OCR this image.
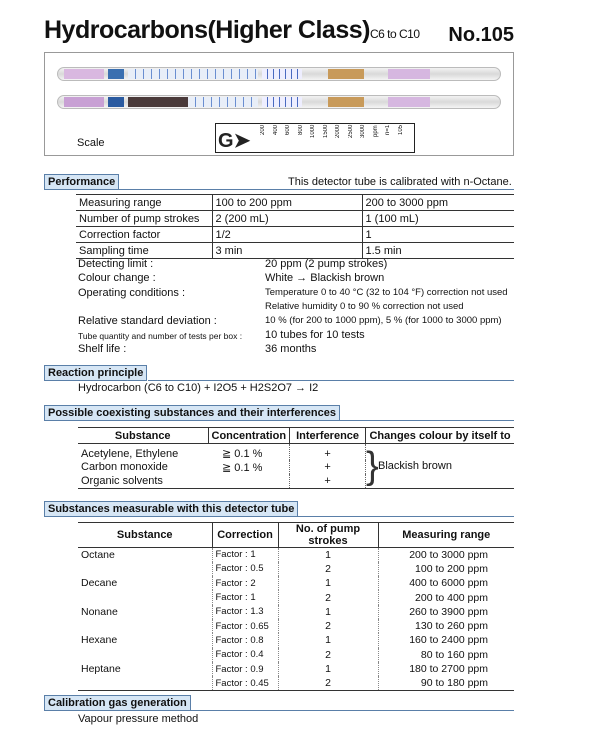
Hydrocarbons(Higher Class)C6 to C10 No.105
Scale	G➤ 200	400	600	800	1000	1500	2000	2500	3000	ppm	n=1	105
Performance	This detector tube is calibrated with n-Octane.
Measuring range	100 to 200 ppm	200 to 3000 ppm
Number of pump strokes	2 (200 mL)	1 (100 mL)
Correction factor	1/2	1
Sampling time	3 min	1.5 min
Detecting limit :	20 ppm (2 pump strokes)
Colour change :	White → Blackish brown
Operating conditions :	Temperature 0 to 40 °C (32 to 104 °F) correction not used
Relative humidity 0 to 90 % correction not used
Relative standard deviation :	10 % (for 200 to 1000 ppm), 5 % (for 1000 to 3000 ppm)
Tube quantity and number of tests per box : 10 tubes for 10 tests
Shelf life :	36 months
Reaction principle
Hydrocarbon (C6 to C10) + I2O5 + H2S2O7 → I2
Possible coexisting substances and their interferences
Substance	Concentration	Interference	Changes colour by itself to
Acetylene, Ethylene	≧ 0.1 %	+	
Carbon monoxide	≧ 0.1 %	+	
Organic solvents		+	} Blackish brown
Substances measurable with this detector tube
Substance	Correction	No. of pump strokes	Measuring range
Octane	Factor : 1	1	200 to 3000 ppm
	Factor : 0.5	2	100 to 200 ppm
Decane	Factor : 2	1	400 to 6000 ppm
	Factor : 1	2	200 to 400 ppm
Nonane	Factor : 1.3	1	260 to 3900 ppm
	Factor : 0.65	2	130 to 260 ppm
Hexane	Factor : 0.8	1	160 to 2400 ppm
	Factor : 0.4	2	80 to 160 ppm
Heptane	Factor : 0.9	1	180 to 2700 ppm
	Factor : 0.45	2	90 to 180 ppm
Calibration gas generation
Vapour pressure method
